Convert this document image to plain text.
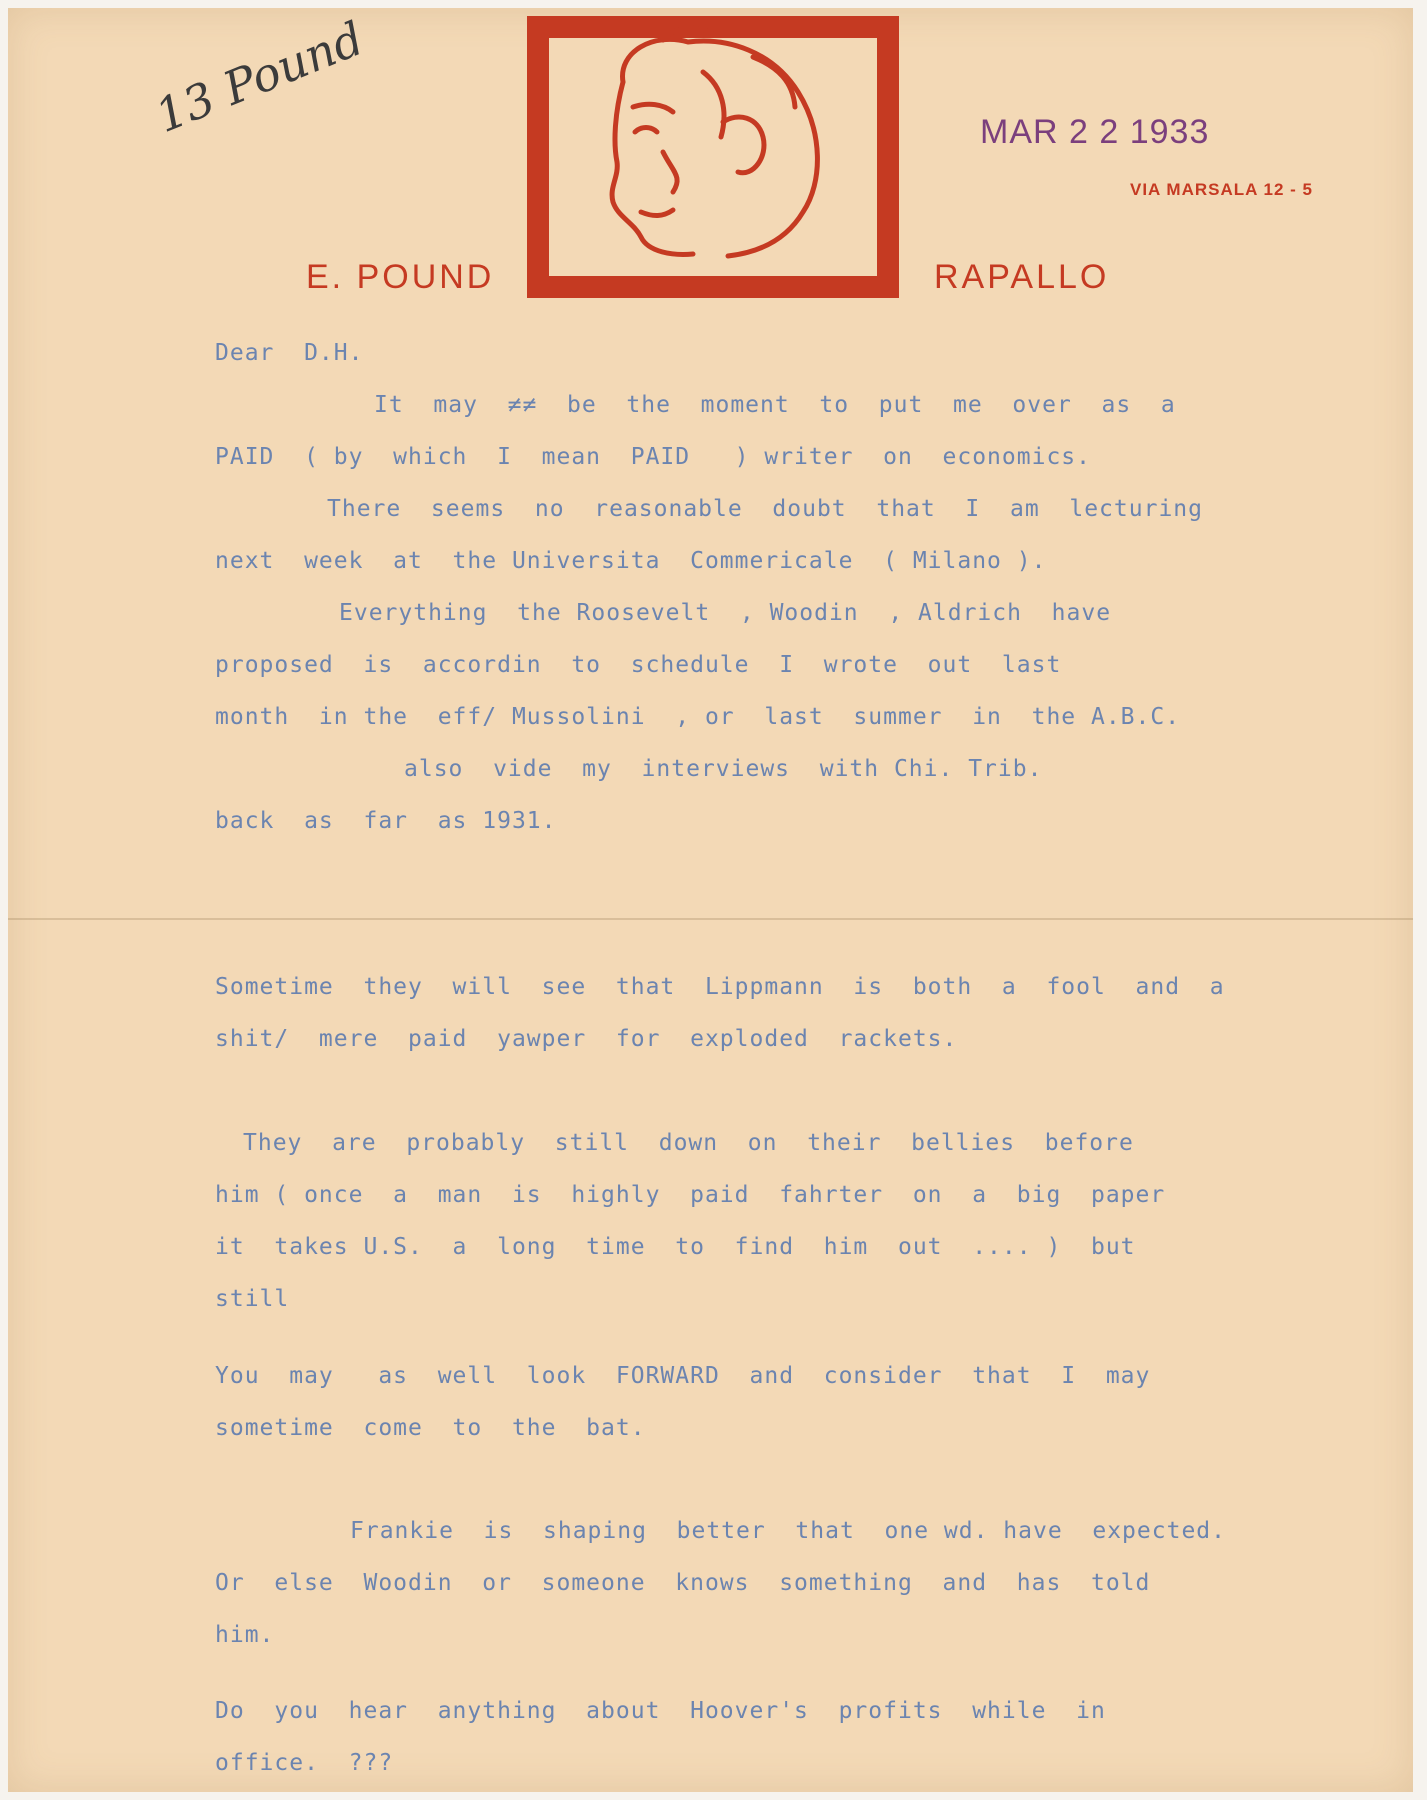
13 Pound	MAR 2 2 1933
VIA MARSALA 12 - 5
E. POUND	RAPALLO
Dear  D.H.
It  may  ≠≠  be  the  moment  to  put  me  over  as  a
PAID  ( by  which  I  mean  PAID   ) writer  on  economics.
There  seems  no  reasonable  doubt  that  I  am  lecturing
next  week  at  the Universita  Commericale  ( Milano ).
Everything  the Roosevelt  , Woodin  , Aldrich  have
proposed  is  accordin  to  schedule  I  wrote  out  last
month  in the  eff/ Mussolini  , or  last  summer  in  the A.B.C.
also  vide  my  interviews  with Chi. Trib.
back  as  far  as 1931.
Sometime  they  will  see  that  Lippmann  is  both  a  fool  and  a
shit/  mere  paid  yawper  for  exploded  rackets.
They  are  probably  still  down  on  their  bellies  before
him ( once  a  man  is  highly  paid  fahrter  on  a  big  paper
it  takes U.S.  a  long  time  to  find  him  out  .... )  but
still
You  may   as  well  look  FORWARD  and  consider  that  I  may
sometime  come  to  the  bat.
Frankie  is  shaping  better  that  one wd. have  expected.
Or  else  Woodin  or  someone  knows  something  and  has  told
him.
Do  you  hear  anything  about  Hoover's  profits  while  in
office.  ???
